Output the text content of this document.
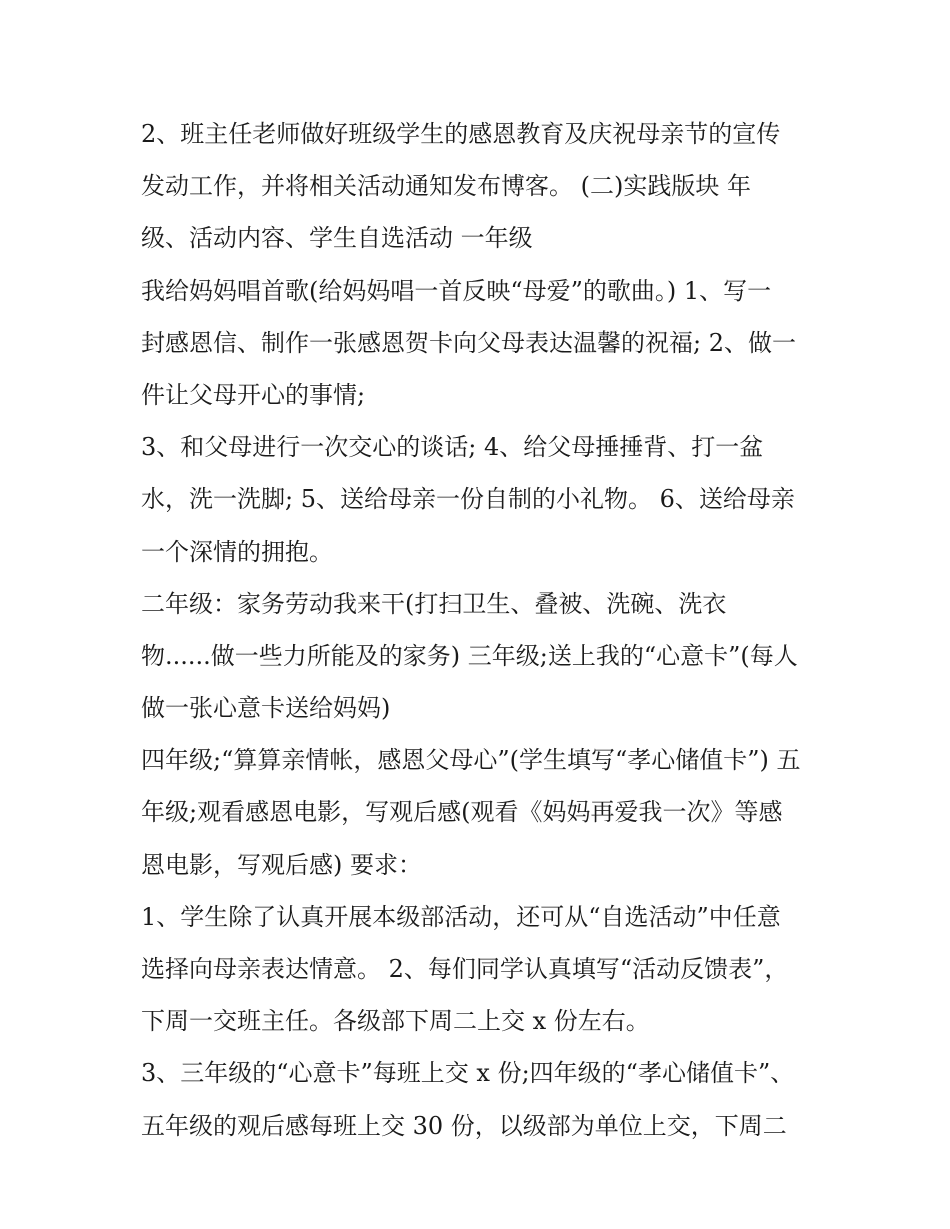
2、班主任老师做好班级学生的感恩教育及庆祝母亲节的宣传
发动工作，并将相关活动通知发布博客。 (二)实践版块 年
级、活动内容、学生自选活动 一年级
我给妈妈唱首歌(给妈妈唱一首反映“母爱”的歌曲。) 1、写一
封感恩信、制作一张感恩贺卡向父母表达温馨的祝福; 2、做一
件让父母开心的事情;
3、和父母进行一次交心的谈话; 4、给父母捶捶背、打一盆
水，洗一洗脚; 5、送给母亲一份自制的小礼物。 6、送给母亲
一个深情的拥抱。
二年级：家务劳动我来干(打扫卫生、叠被、洗碗、洗衣
物......做一些力所能及的家务) 三年级;送上我的“心意卡”(每人
做一张心意卡送给妈妈)
四年级;“算算亲情帐，感恩父母心”(学生填写“孝心储值卡”) 五
年级;观看感恩电影，写观后感(观看《妈妈再爱我一次》等感
恩电影，写观后感) 要求：
1、学生除了认真开展本级部活动，还可从“自选活动”中任意
选择向母亲表达情意。 2、每们同学认真填写“活动反馈表”，
下周一交班主任。各级部下周二上交 x 份左右。
3、三年级的“心意卡”每班上交 x 份;四年级的“孝心储值卡”、
五年级的观后感每班上交 30 份，以级部为单位上交，下周二
